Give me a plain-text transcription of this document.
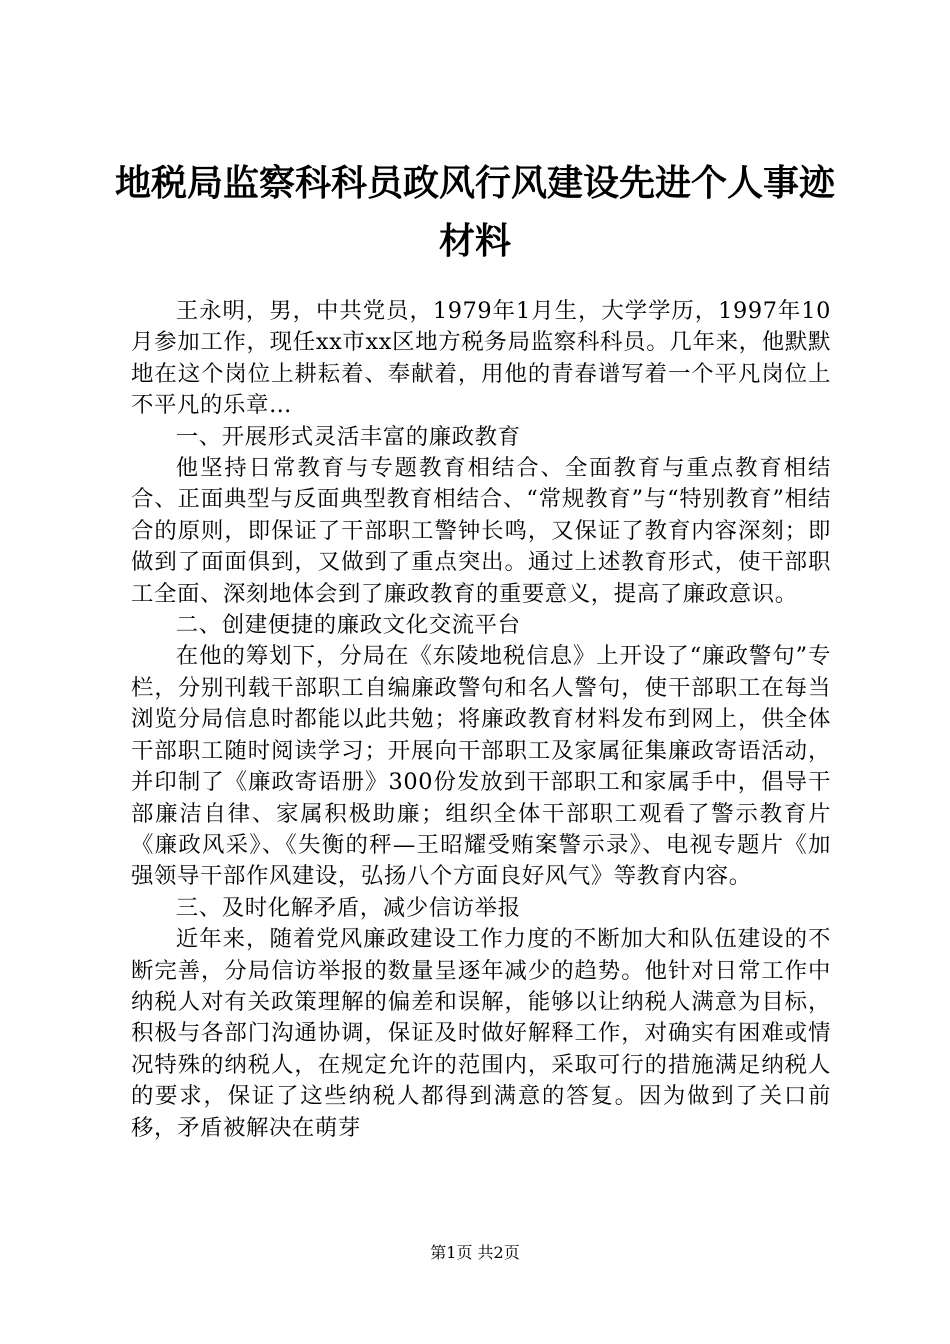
地税局监察科科员政风行风建设先进个人事迹
材料

王永明，男，中共党员，1979年1月生，大学学历，1997年10月参加工作，现任xx市xx区地方税务局监察科科员。几年来，他默默地在这个岗位上耕耘着、奉献着，用他的青春谱写着一个平凡岗位上不平凡的乐章…

一、开展形式灵活丰富的廉政教育

他坚持日常教育与专题教育相结合、全面教育与重点教育相结合、正面典型与反面典型教育相结合、“常规教育”与“特别教育”相结合的原则，即保证了干部职工警钟长鸣，又保证了教育内容深刻；即做到了面面俱到，又做到了重点突出。通过上述教育形式，使干部职工全面、深刻地体会到了廉政教育的重要意义，提高了廉政意识。

二、创建便捷的廉政文化交流平台

在他的筹划下，分局在《东陵地税信息》上开设了“廉政警句”专栏，分别刊载干部职工自编廉政警句和名人警句，使干部职工在每当浏览分局信息时都能以此共勉；将廉政教育材料发布到网上，供全体干部职工随时阅读学习；开展向干部职工及家属征集廉政寄语活动，并印制了《廉政寄语册》300份发放到干部职工和家属手中，倡导干部廉洁自律、家属积极助廉；组织全体干部职工观看了警示教育片《廉政风采》、《失衡的秤—王昭耀受贿案警示录》、电视专题片《加强领导干部作风建设，弘扬八个方面良好风气》等教育内容。

三、及时化解矛盾，减少信访举报

近年来，随着党风廉政建设工作力度的不断加大和队伍建设的不断完善，分局信访举报的数量呈逐年减少的趋势。他针对日常工作中纳税人对有关政策理解的偏差和误解，能够以让纳税人满意为目标，积极与各部门沟通协调，保证及时做好解释工作，对确实有困难或情况特殊的纳税人，在规定允许的范围内，采取可行的措施满足纳税人的要求，保证了这些纳税人都得到满意的答复。因为做到了关口前移，矛盾被解决在萌芽

第1页 共2页
